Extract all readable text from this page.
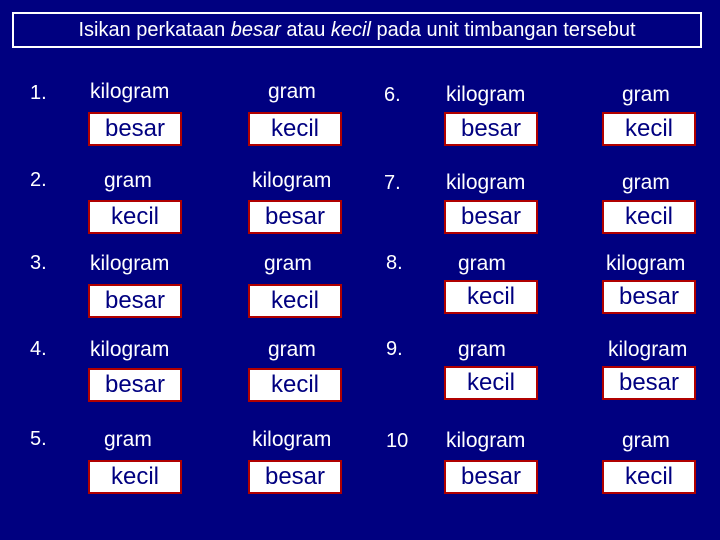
Isikan perkataan besar atau kecil pada unit timbangan tersebut
1. kilogram	gram
besar	kecil
2.	gram	kilogram
kecil	besar
3. kilogram	gram
besar	kecil
4. kilogram	gram
besar	kecil
5.	gram	kilogram
kecil	besar
6. kilogram	gram
besar	kecil
7. kilogram	gram
besar	kecil
8.	gram	kilogram
kecil	besar
9.	gram	kilogram
kecil	besar
10 kilogram	gram
besar	kecil
